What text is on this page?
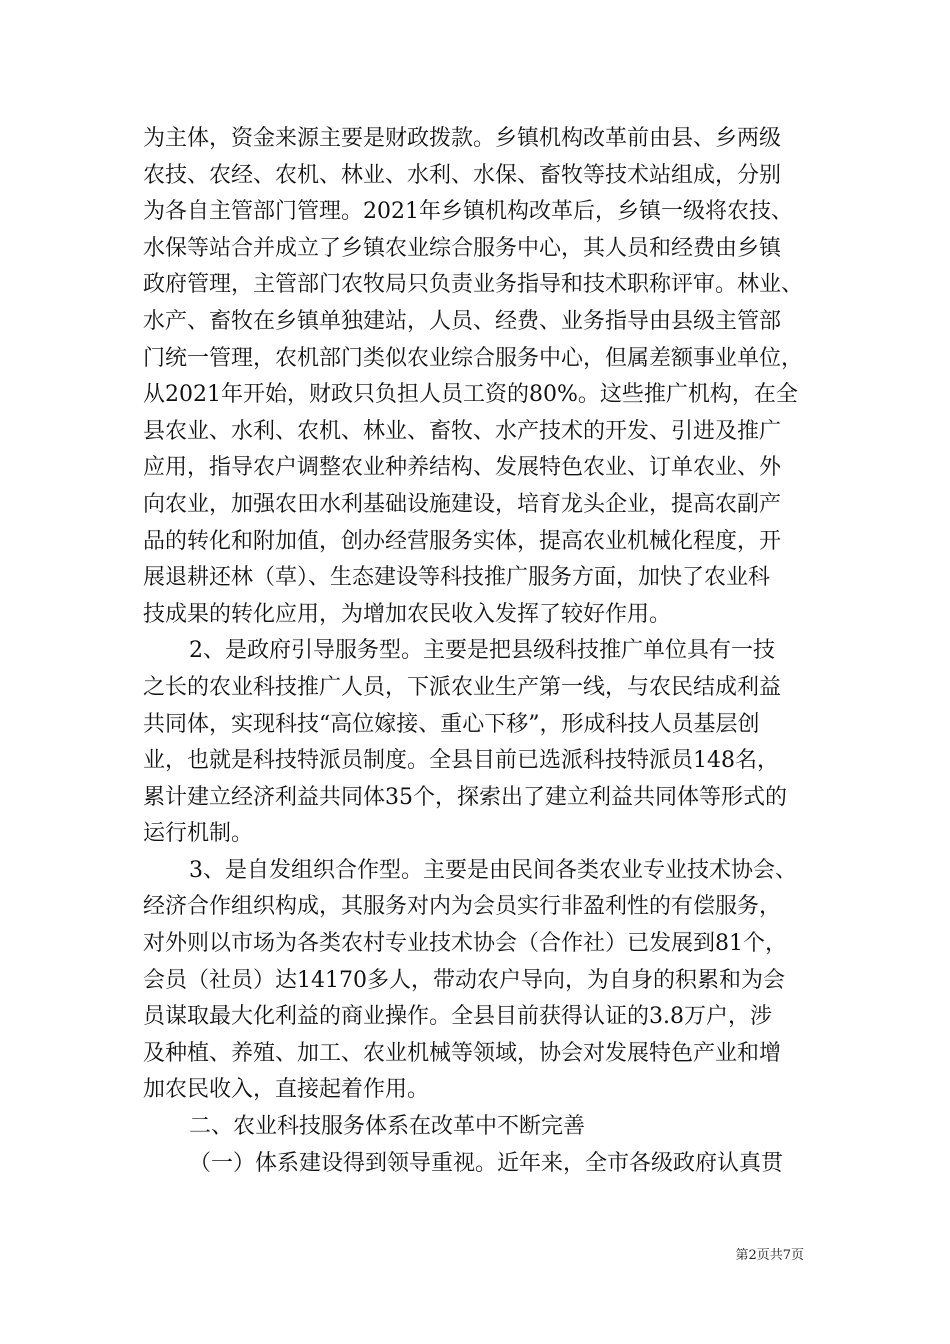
为主体，资金来源主要是财政拨款。乡镇机构改革前由县、乡两级
农技、农经、农机、林业、水利、水保、畜牧等技术站组成，分别
为各自主管部门管理。2021年乡镇机构改革后，乡镇一级将农技、
水保等站合并成立了乡镇农业综合服务中心，其人员和经费由乡镇
政府管理，主管部门农牧局只负责业务指导和技术职称评审。林业、
水产、畜牧在乡镇单独建站，人员、经费、业务指导由县级主管部
门统一管理，农机部门类似农业综合服务中心，但属差额事业单位，
从2021年开始，财政只负担人员工资的80%。这些推广机构，在全
县农业、水利、农机、林业、畜牧、水产技术的开发、引进及推广
应用，指导农户调整农业种养结构、发展特色农业、订单农业、外
向农业，加强农田水利基础设施建设，培育龙头企业，提高农副产
品的转化和附加值，创办经营服务实体，提高农业机械化程度，开
展退耕还林（草）、生态建设等科技推广服务方面，加快了农业科
技成果的转化应用，为增加农民收入发挥了较好作用。
2、是政府引导服务型。主要是把县级科技推广单位具有一技
之长的农业科技推广人员，下派农业生产第一线，与农民结成利益
共同体，实现科技“高位嫁接、重心下移”，形成科技人员基层创
业，也就是科技特派员制度。全县目前已选派科技特派员148名，
累计建立经济利益共同体35个，探索出了建立利益共同体等形式的
运行机制。
3、是自发组织合作型。主要是由民间各类农业专业技术协会、
经济合作组织构成，其服务对内为会员实行非盈利性的有偿服务，
对外则以市场为各类农村专业技术协会（合作社）已发展到81个，
会员（社员）达14170多人，带动农户导向，为自身的积累和为会
员谋取最大化利益的商业操作。全县目前获得认证的3.8万户，涉
及种植、养殖、加工、农业机械等领域，协会对发展特色产业和增
加农民收入，直接起着作用。
二、农业科技服务体系在改革中不断完善
（一）体系建设得到领导重视。近年来，全市各级政府认真贯
第2页共7页
